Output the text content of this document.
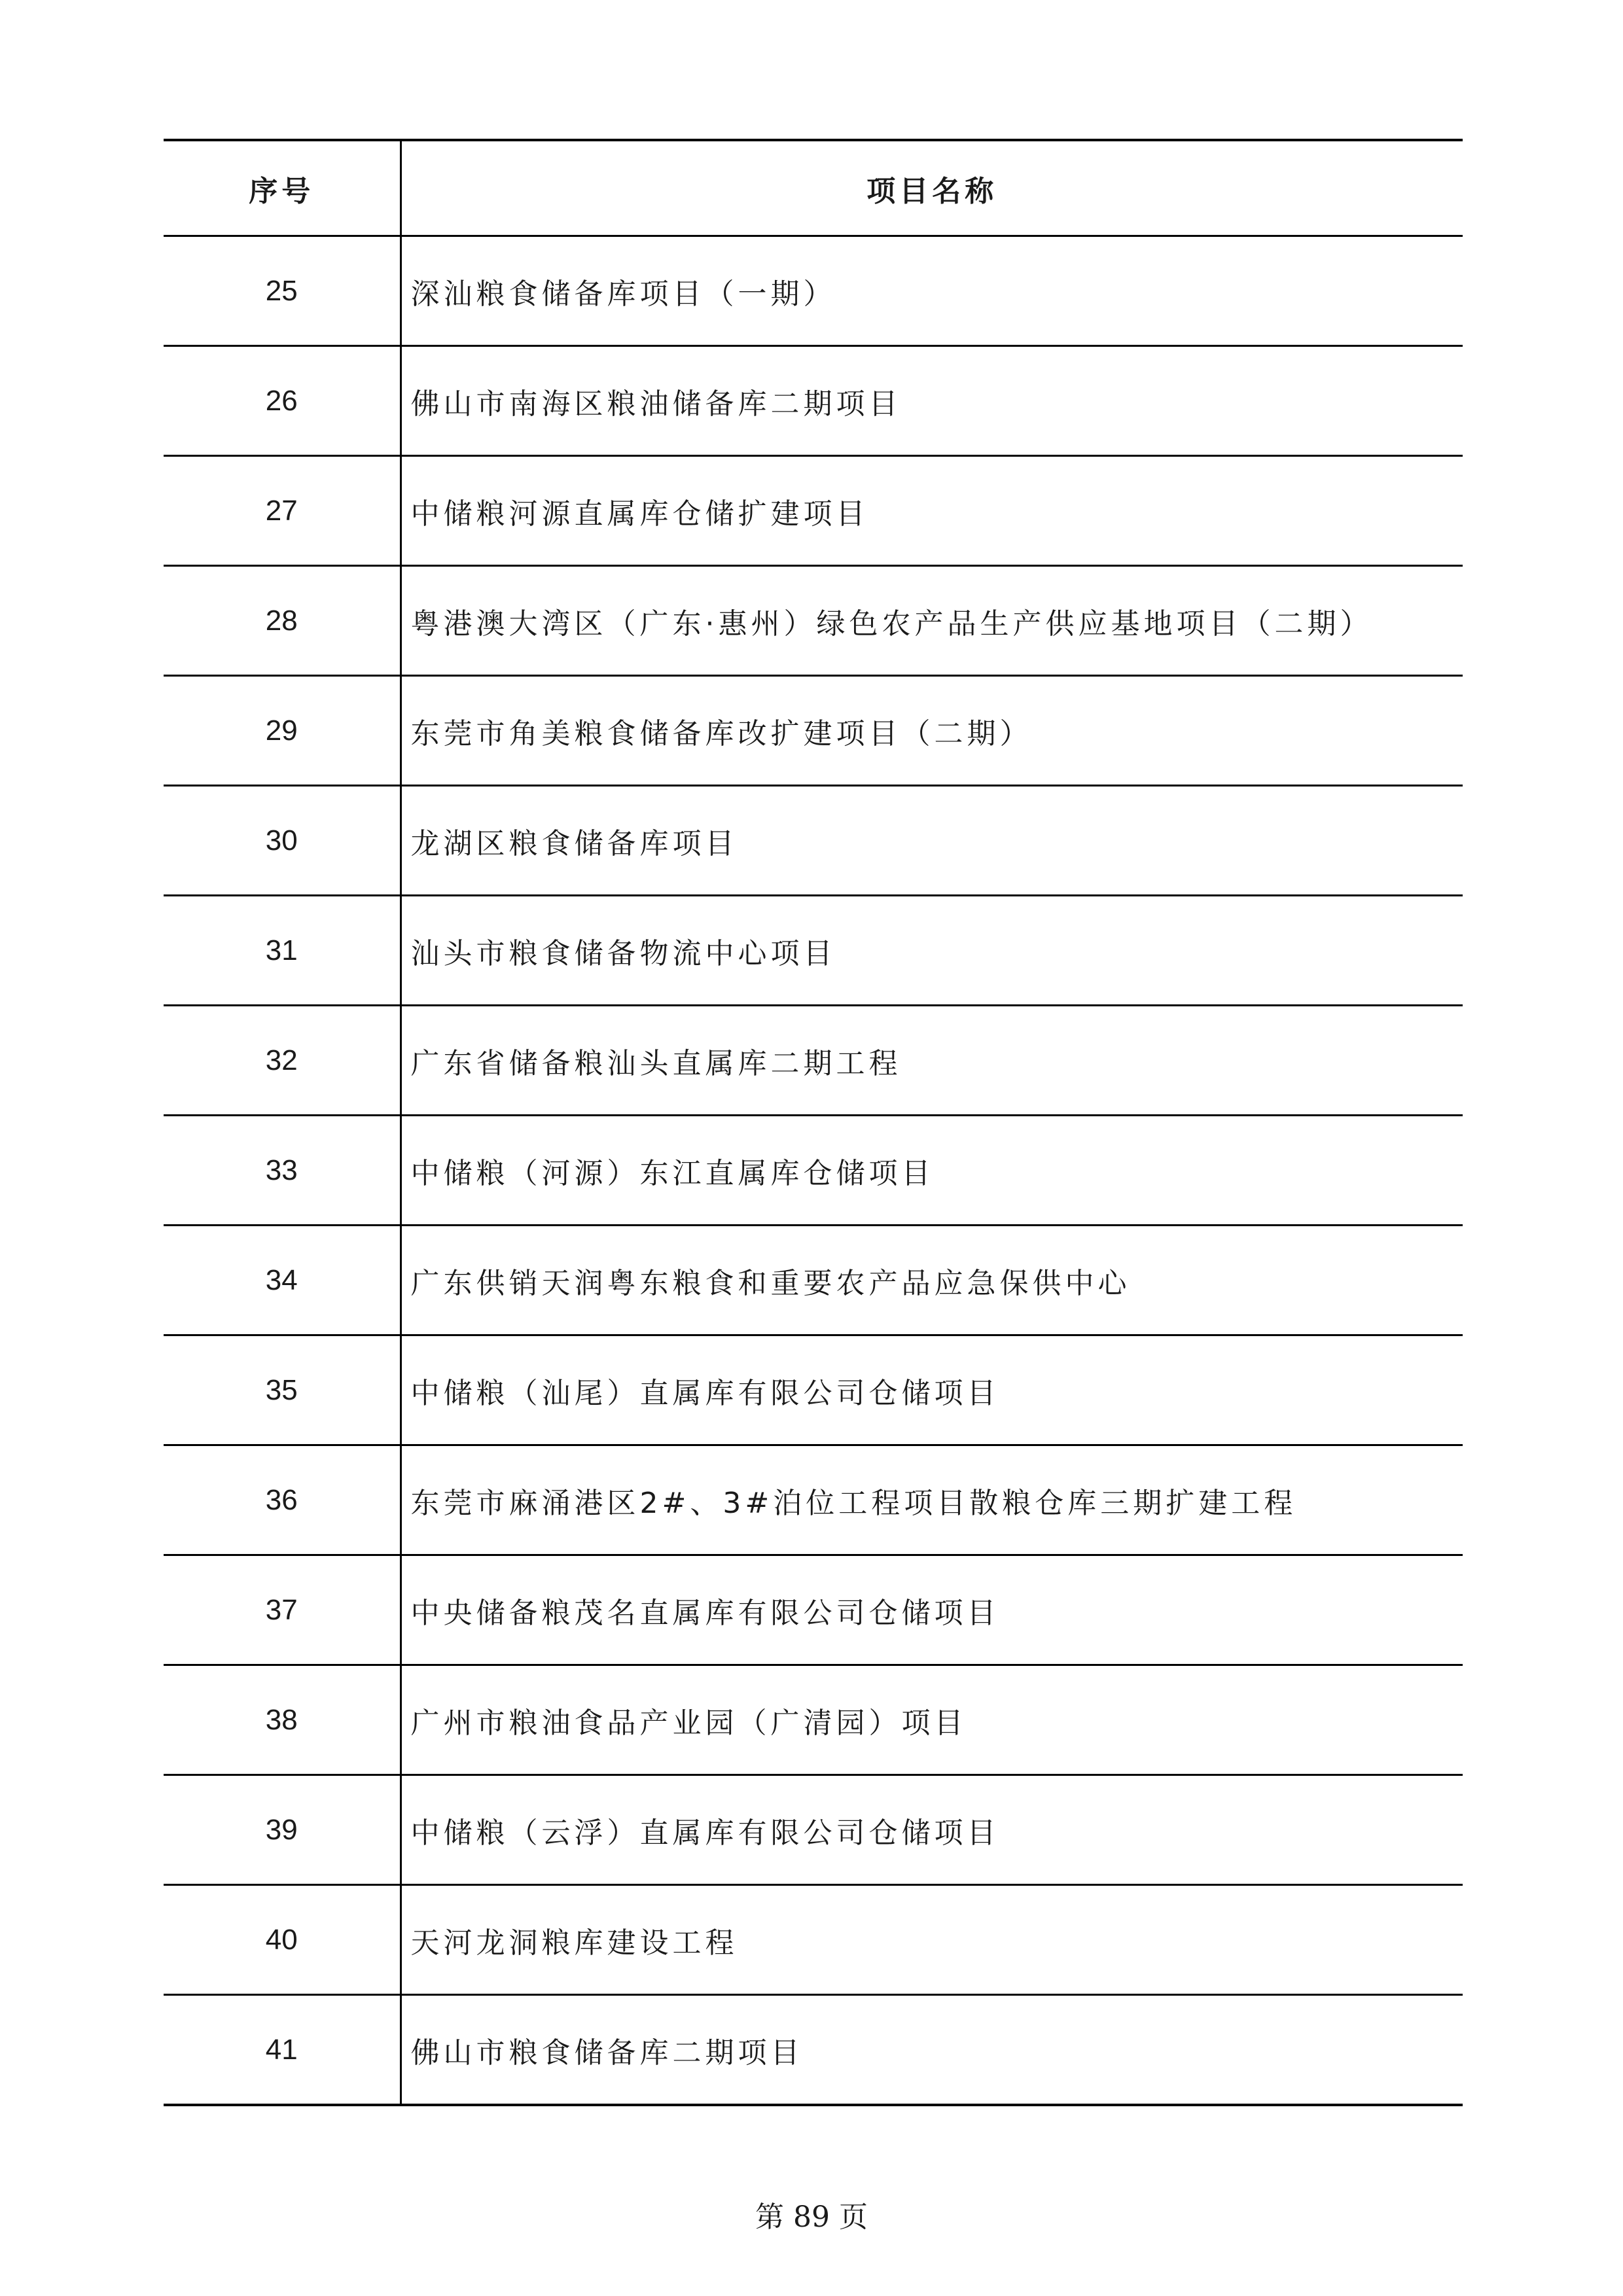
序号	项目名称
25	深汕粮食储备库项目（一期）
26	佛山市南海区粮油储备库二期项目
27	中储粮河源直属库仓储扩建项目
28	粤港澳大湾区（广东·惠州）绿色农产品生产供应基地项目（二期）
29	东莞市角美粮食储备库改扩建项目（二期）
30	龙湖区粮食储备库项目
31	汕头市粮食储备物流中心项目
32	广东省储备粮汕头直属库二期工程
33	中储粮（河源）东江直属库仓储项目
34	广东供销天润粤东粮食和重要农产品应急保供中心
35	中储粮（汕尾）直属库有限公司仓储项目
36	东莞市麻涌港区2#、3#泊位工程项目散粮仓库三期扩建工程
37	中央储备粮茂名直属库有限公司仓储项目
38	广州市粮油食品产业园（广清园）项目
39	中储粮（云浮）直属库有限公司仓储项目
40	天河龙洞粮库建设工程
41	佛山市粮食储备库二期项目
第 89 页
